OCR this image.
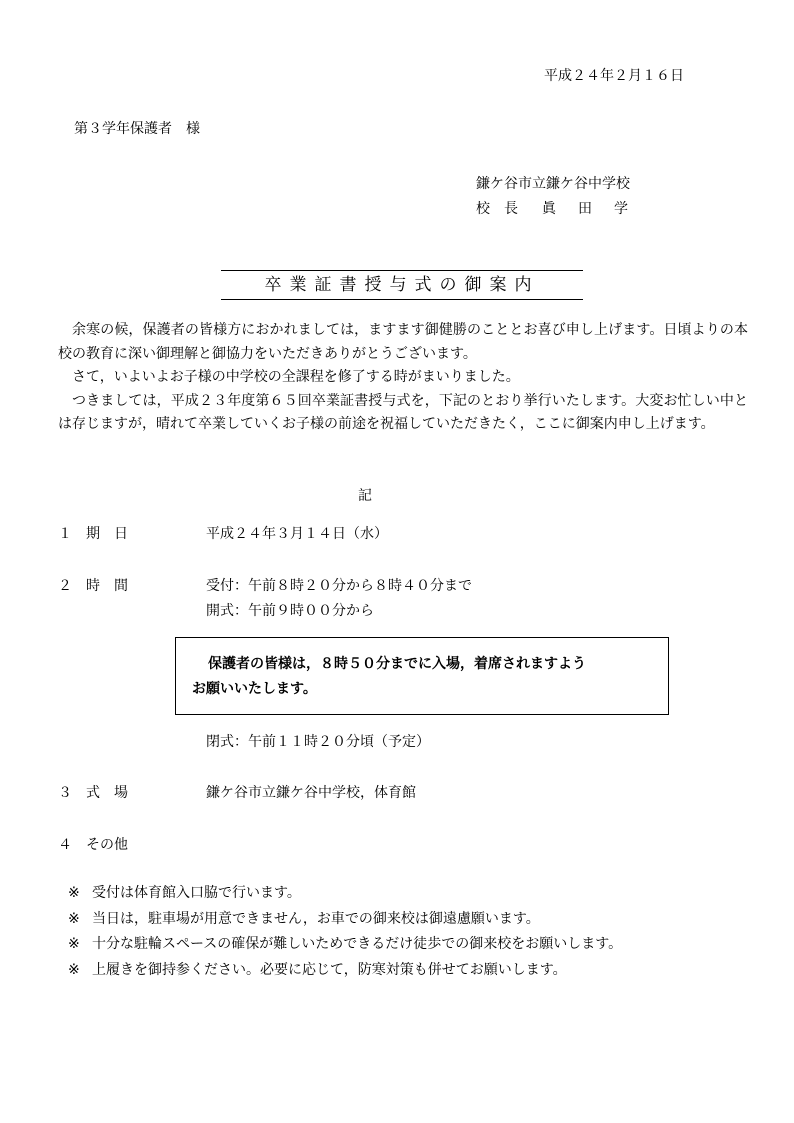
平成２４年２月１６日
第３学年保護者　様
鎌ケ谷市立鎌ケ谷中学校
校長 眞田学
卒業証書授与式の御案内

余寒の候，保護者の皆様方におかれましては，ますます御健勝のこととお喜び申し上げます。日頃よりの本校の教育に深い御理解と御協力をいただきありがとうございます。

さて，いよいよお子様の中学校の全課程を修了する時がまいりました。

つきましては，平成２３年度第６５回卒業証書授与式を，下記のとおり挙行いたします。大変お忙しい中とは存じますが，晴れて卒業していくお子様の前途を祝福していただきたく，ここに御案内申し上げます。

記
１ 期日	平成２４年３月１４日（水）
２ 時間	受付：午前８時２０分から８時４０分まで
開式：午前９時００分から
保護者の皆様は，８時５０分までに入場，着席されますよう
お願いいたします。
閉式：午前１１時２０分頃（予定）
３ 式場	鎌ケ谷市立鎌ケ谷中学校，体育館
４ その他
※ 受付は体育館入口脇で行います。
※ 当日は，駐車場が用意できません，お車での御来校は御遠慮願います。
※ 十分な駐輪スペースの確保が難しいためできるだけ徒歩での御来校をお願いします。
※ 上履きを御持参ください。必要に応じて，防寒対策も併せてお願いします。
